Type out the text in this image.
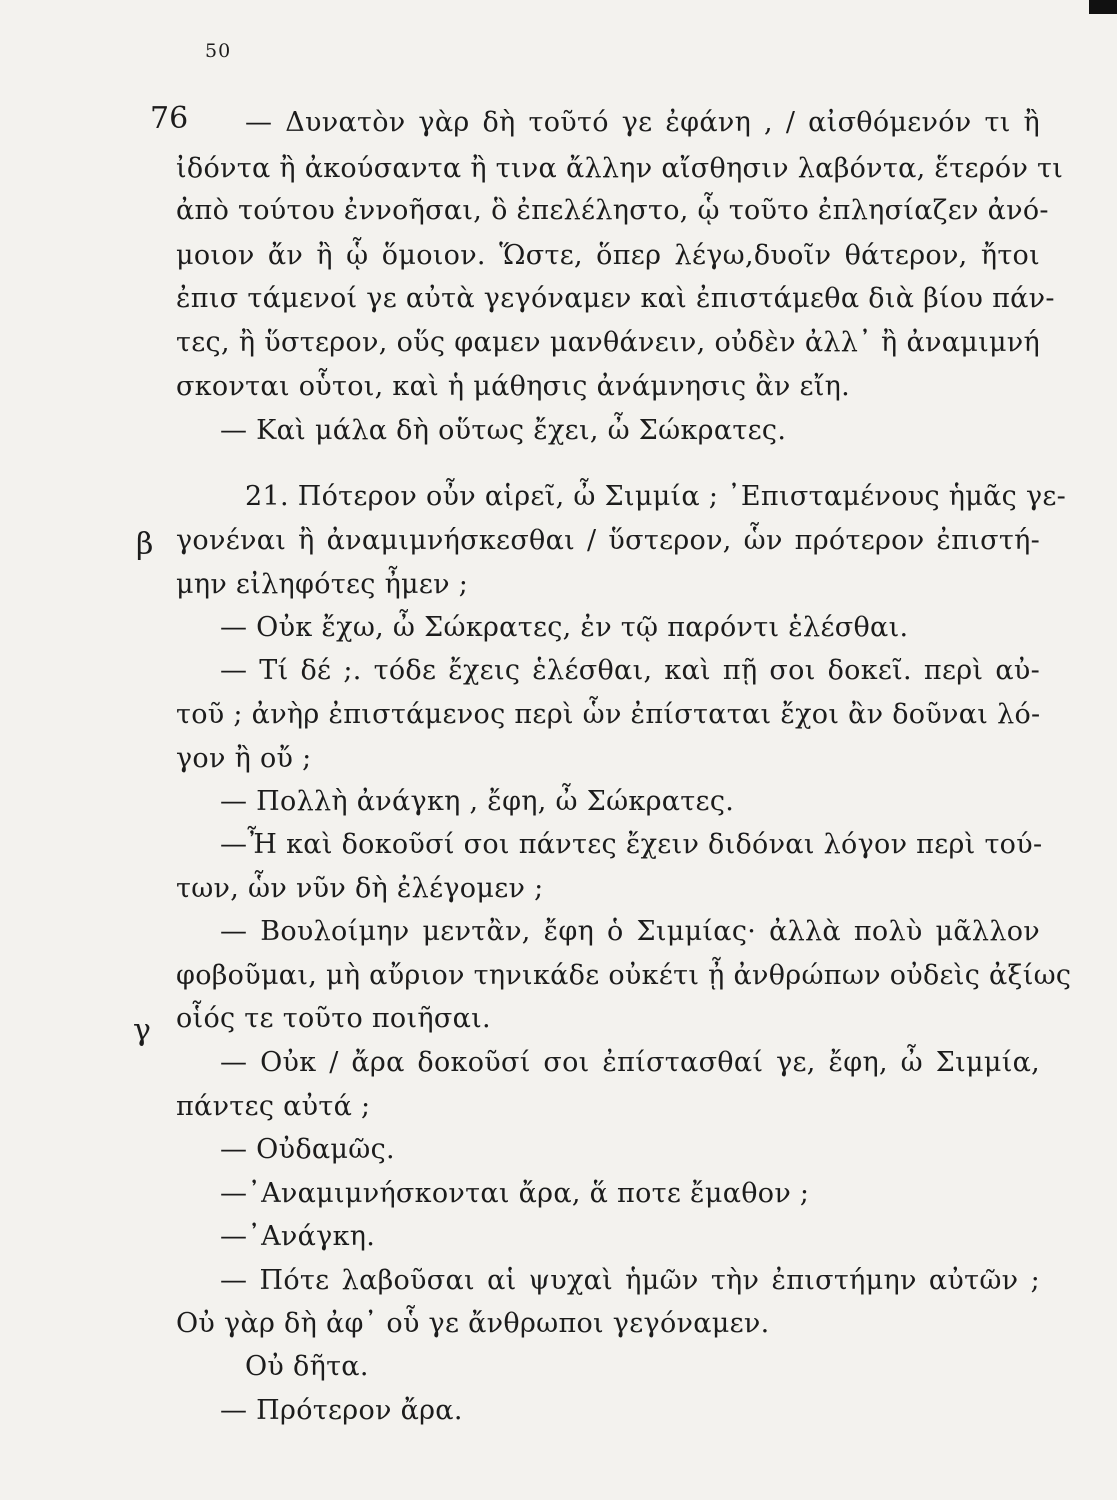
50
76
β
γ
— Δυνατὸν γὰρ δὴ τοῦτό γε ἐφάνη , / αἰσθόμενόν τι ἢ
ἰδόντα ἢ ἀκούσαντα ἢ τινα ἄλλην αἴσθησιν λαβόντα, ἕτερόν τι
ἀπὸ τούτου ἐννοῆσαι, ὃ ἐπελέληστο, ᾧ τοῦτο ἐπλησίαζεν ἀνό-
μοιον ἄν ἢ ᾧ ὅμοιον. Ὥστε, ὅπερ λέγω,δυοῖν θάτερον, ἤτοι
ἐπισ τάμενοί γε αὐτὰ γεγόναμεν καὶ ἐπιστάμεθα διὰ βίου πάν-
τες, ἢ ὕστερον, οὕς φαμεν μανθάνειν, οὐδὲν ἀλλ᾽ ἢ ἀναμιμνή
σκονται οὗτοι, καὶ ἡ μάθησις ἀνάμνησις ἂν εἴη.
— Καὶ μάλα δὴ οὕτως ἔχει, ὦ Σώκρατες.
21. Πότερον οὖν αἱρεῖ, ὦ Σιμμία ; ᾿Επισταμένους ἡμᾶς γε-
γονέναι ἢ ἀναμιμνήσκεσθαι / ὕστερον, ὧν πρότερον ἐπιστή-
μην εἰληφότες ἦμεν ;
— Οὐκ ἔχω, ὦ Σώκρατες, ἐν τῷ παρόντι ἑλέσθαι.
— Τί δέ ;. τόδε ἔχεις ἑλέσθαι, καὶ πῇ σοι δοκεῖ. περὶ αὐ-
τοῦ ; ἀνὴρ ἐπιστάμενος περὶ ὧν ἐπίσταται ἔχοι ἂν δοῦναι λό-
γον ἢ οὔ ;
— Πολλὴ ἀνάγκη , ἔφη, ὦ Σώκρατες.
—Ἦ καὶ δοκοῦσί σοι πάντες ἔχειν διδόναι λόγον περὶ τού-
των, ὧν νῦν δὴ ἐλέγομεν ;
— Βουλοίμην μεντἂν, ἔφη ὁ Σιμμίας· ἀλλὰ πολὺ μᾶλλον
φοβοῦμαι, μὴ αὔριον τηνικάδε οὐκέτι ᾖ ἀνθρώπων οὐδεὶς ἀξίως
οἷός τε τοῦτο ποιῆσαι.
— Οὐκ / ἄρα δοκοῦσί σοι ἐπίστασθαί γε, ἔφη, ὦ Σιμμία,
πάντες αὐτά ;
— Οὐδαμῶς.
—᾿Αναμιμνήσκονται ἄρα, ἅ ποτε ἔμαθον ;
—᾿Ανάγκη.
— Πότε λαβοῦσαι αἱ ψυχαὶ ἡμῶν τὴν ἐπιστήμην αὐτῶν ;
Οὐ γὰρ δὴ ἀφ᾽ οὗ γε ἄνθρωποι γεγόναμεν.
Οὐ δῆτα.
— Πρότερον ἄρα.
